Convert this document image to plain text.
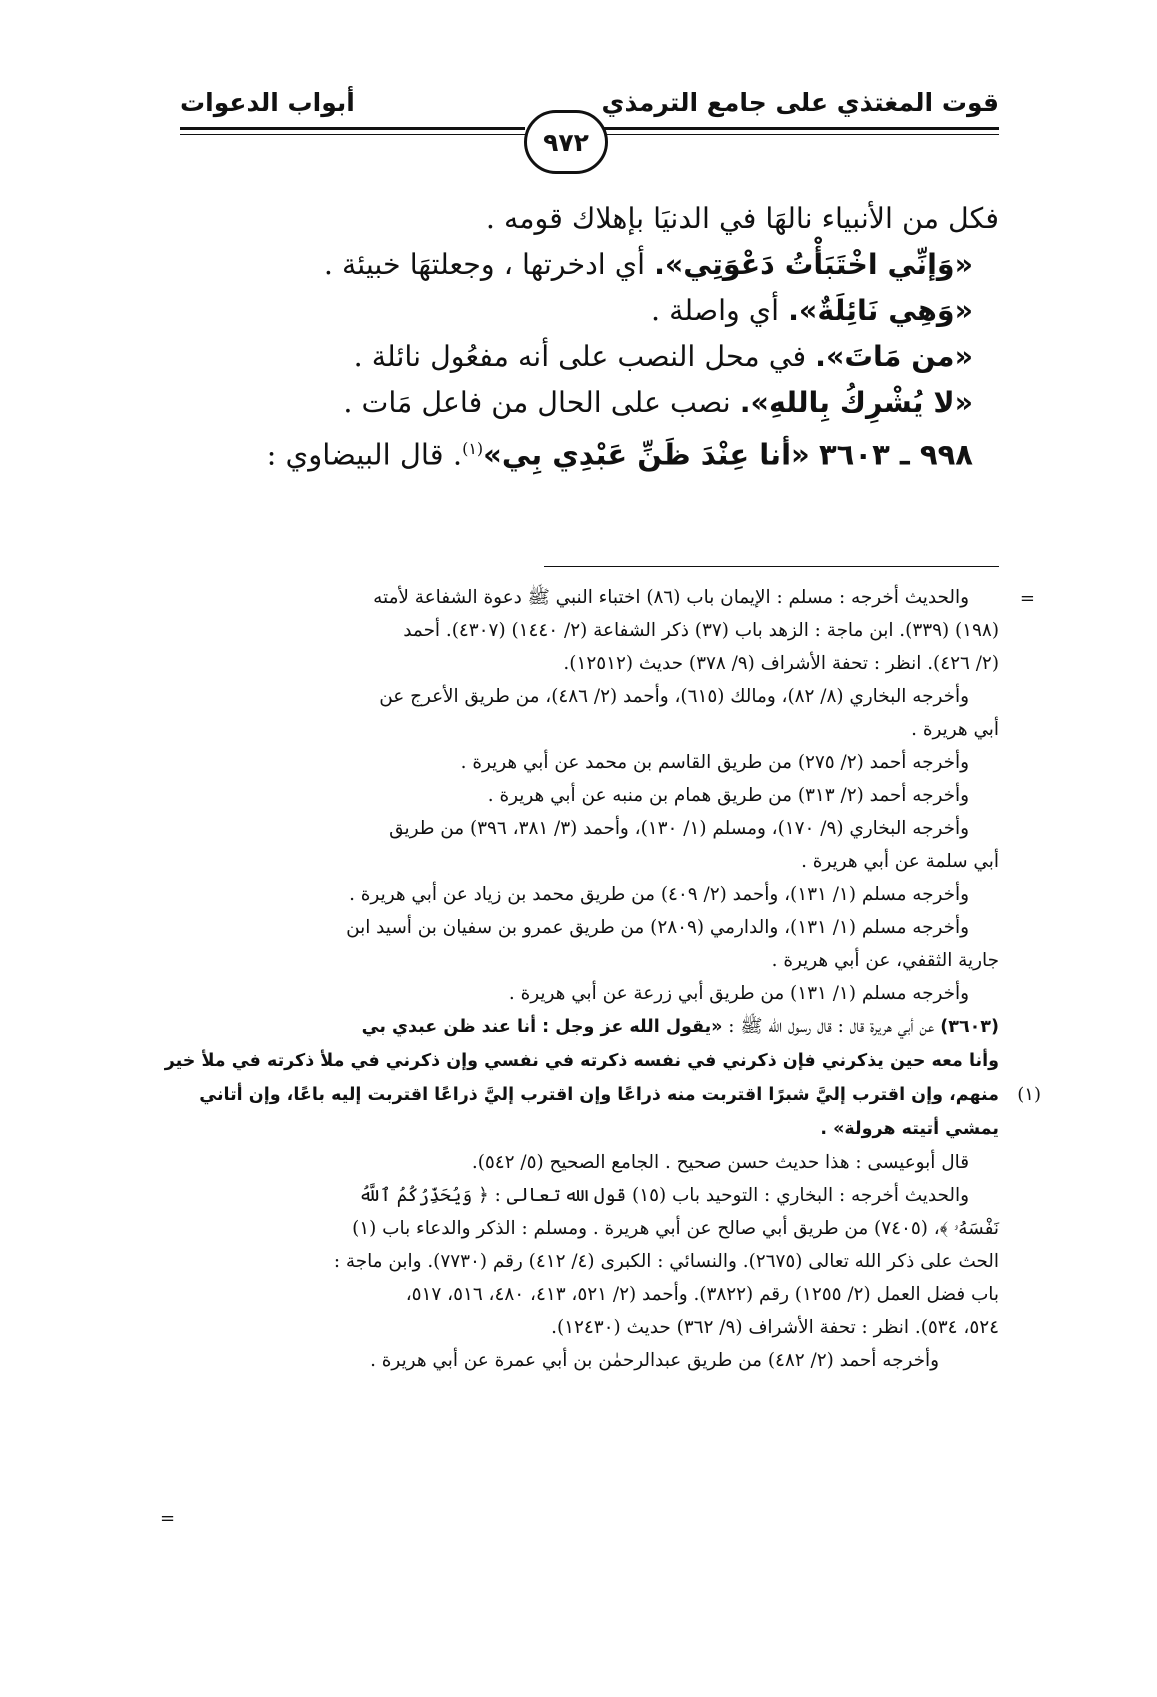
قوت المغتذي على جامع الترمذي
أبواب الدعوات
٩٧٢
فكل من الأنبياء نالهَا في الدنيَا بإهلاك قومه .
«وَإنِّي اخْتَبَأْتُ دَعْوَتِي». أي ادخرتها ، وجعلتهَا خبيئة .
«وَهِي نَائِلَةٌ». أي واصلة .
«من مَاتَ». في محل النصب على أنه مفعُول نائلة .
«لا يُشْرِكُ بِاللهِ». نصب على الحال من فاعل مَات .
٩٩٨ ـ ٣٦٠٣ «أنا عِنْدَ ظَنِّ عَبْدِي بِي»$^{(١)}$. قال البيضاوي :
=
(١)
=

والحديث أخرجه : مسلم : الإيمان باب (٨٦) اختباء النبي ﷺ دعوة الشفاعة لأمته

(١٩٨) (٣٣٩). ابن ماجة : الزهد باب (٣٧) ذكر الشفاعة (٢/ ١٤٤٠) (٤٣٠٧). أحمد

(٢/ ٤٢٦). انظر : تحفة الأشراف (٩/ ٣٧٨) حديث (١٢٥١٢).

وأخرجه البخاري (٨/ ٨٢)، ومالك (٦١٥)، وأحمد (٢/ ٤٨٦)، من طريق الأعرج عن

أبي هريرة .

وأخرجه أحمد (٢/ ٢٧٥) من طريق القاسم بن محمد عن أبي هريرة .

وأخرجه أحمد (٢/ ٣١٣) من طريق همام بن منبه عن أبي هريرة .

وأخرجه البخاري (٩/ ١٧٠)، ومسلم (١/ ١٣٠)، وأحمد (٣/ ٣٨١، ٣٩٦) من طريق

أبي سلمة عن أبي هريرة .

وأخرجه مسلم (١/ ١٣١)، وأحمد (٢/ ٤٠٩) من طريق محمد بن زياد عن أبي هريرة .

وأخرجه مسلم (١/ ١٣١)، والدارمي (٢٨٠٩) من طريق عمرو بن سفيان بن أسيد ابن

جارية الثقفي، عن أبي هريرة .

وأخرجه مسلم (١/ ١٣١) من طريق أبي زرعة عن أبي هريرة .

(٣٦٠٣) عن أبي هريرة قال : قال رسول الله ﷺ : «يقول الله عز وجل : أنا عند ظن عبدي بي

وأنا معه حين يذكرني فإن ذكرني في نفسه ذكرته في نفسي وإن ذكرني في ملأ ذكرته في ملأ خير

منهم، وإن اقترب إليَّ شبرًا اقتربت منه ذراعًا وإن اقترب إليَّ ذراعًا اقتربت إليه باعًا، وإن أتاني

يمشي أتيته هرولة» .

قال أبوعيسى : هذا حديث حسن صحيح . الجامع الصحيح (٥/ ٥٤٢).

والحديث أخرجه : البخاري : التوحيد باب (١٥) قول الله تعالى : ﴿ وَيُحَذِّرُكُمُ ٱللَّهُ

نَفْسَهُۥ ﴾، (٧٤٠٥) من طريق أبي صالح عن أبي هريرة . ومسلم : الذكر والدعاء باب (١)

الحث على ذكر الله تعالى (٢٦٧٥). والنسائي : الكبرى (٤/ ٤١٢) رقم (٧٧٣٠). وابن ماجة :

باب فضل العمل (٢/ ١٢٥٥) رقم (٣٨٢٢). وأحمد (٢/ ٥٢١، ٤١٣، ٤٨٠، ٥١٦، ٥١٧،

٥٢٤، ٥٣٤). انظر : تحفة الأشراف (٩/ ٣٦٢) حديث (١٢٤٣٠).

وأخرجه أحمد (٢/ ٤٨٢) من طريق عبدالرحمٰن بن أبي عمرة عن أبي هريرة .
